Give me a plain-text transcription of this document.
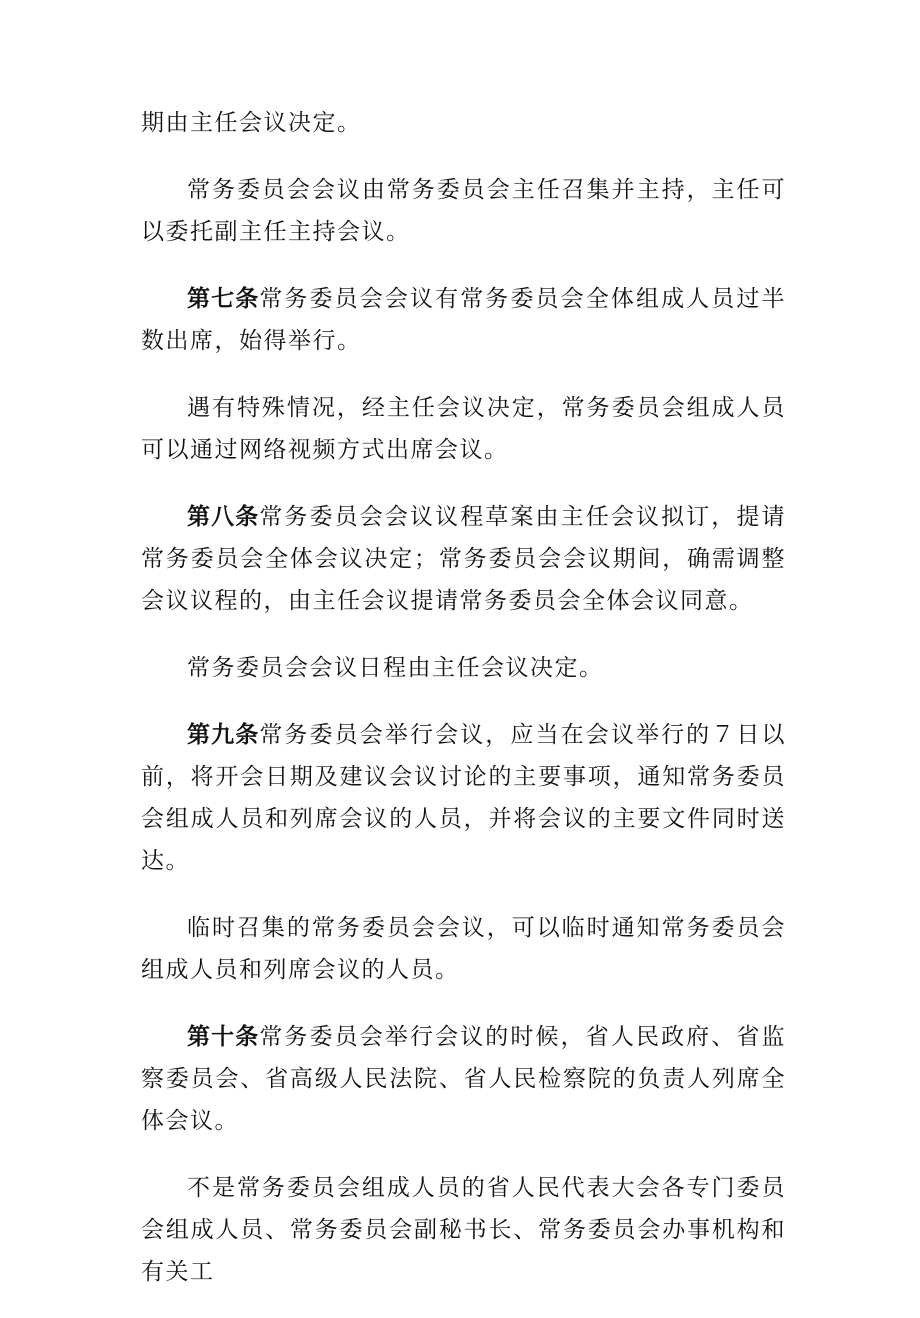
期由主任会议决定。

常务委员会会议由常务委员会主任召集并主持，主任可以委托副主任主持会议。

第七条常务委员会会议有常务委员会全体组成人员过半数出席，始得举行。

遇有特殊情况，经主任会议决定，常务委员会组成人员可以通过网络视频方式出席会议。

第八条常务委员会会议议程草案由主任会议拟订，提请常务委员会全体会议决定；常务委员会会议期间，确需调整会议议程的，由主任会议提请常务委员会全体会议同意。

常务委员会会议日程由主任会议决定。

第九条常务委员会举行会议，应当在会议举行的７日以前，将开会日期及建议会议讨论的主要事项，通知常务委员会组成人员和列席会议的人员，并将会议的主要文件同时送达。

临时召集的常务委员会会议，可以临时通知常务委员会组成人员和列席会议的人员。

第十条常务委员会举行会议的时候，省人民政府、省监察委员会、省高级人民法院、省人民检察院的负责人列席全体会议。

不是常务委员会组成人员的省人民代表大会各专门委员会组成人员、常务委员会副秘书长、常务委员会办事机构和有关工
